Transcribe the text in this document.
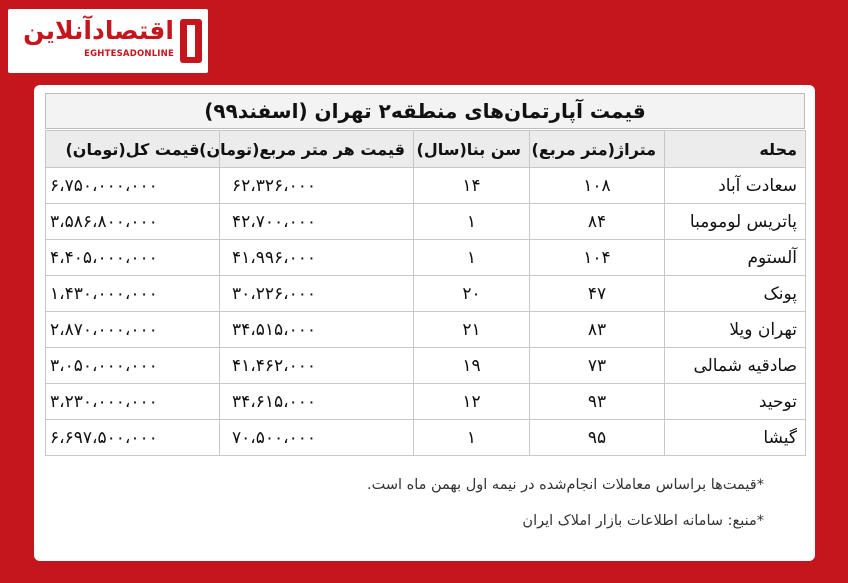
اقتصادآنلاین
EGHTESADONLINE
قیمت آپارتمان‌های منطقه۲ تهران (اسفند۹۹)
محله	متراژ(متر مربع)	سن بنا(سال)	قیمت هر متر مربع(تومان)	قیمت کل(تومان)
سعادت آباد	۱۰۸	۱۴	۶۲،۳۲۶،۰۰۰	۶،۷۵۰،۰۰۰،۰۰۰
پاتریس لومومبا	۸۴	۱	۴۲،۷۰۰،۰۰۰	۳،۵۸۶،۸۰۰،۰۰۰
آلستوم	۱۰۴	۱	۴۱،۹۹۶،۰۰۰	۴،۴۰۵،۰۰۰،۰۰۰
پونک	۴۷	۲۰	۳۰،۲۲۶،۰۰۰	۱،۴۳۰،۰۰۰،۰۰۰
تهران ویلا	۸۳	۲۱	۳۴،۵۱۵،۰۰۰	۲،۸۷۰،۰۰۰،۰۰۰
صادقیه شمالی	۷۳	۱۹	۴۱،۴۶۲،۰۰۰	۳،۰۵۰،۰۰۰،۰۰۰
توحید	۹۳	۱۲	۳۴،۶۱۵،۰۰۰	۳،۲۳۰،۰۰۰،۰۰۰
گیشا	۹۵	۱	۷۰،۵۰۰،۰۰۰	۶،۶۹۷،۵۰۰،۰۰۰
*قیمت‌ها براساس معاملات انجام‌شده در نیمه اول بهمن ماه است.
*منبع: سامانه اطلاعات بازار املاک ایران
